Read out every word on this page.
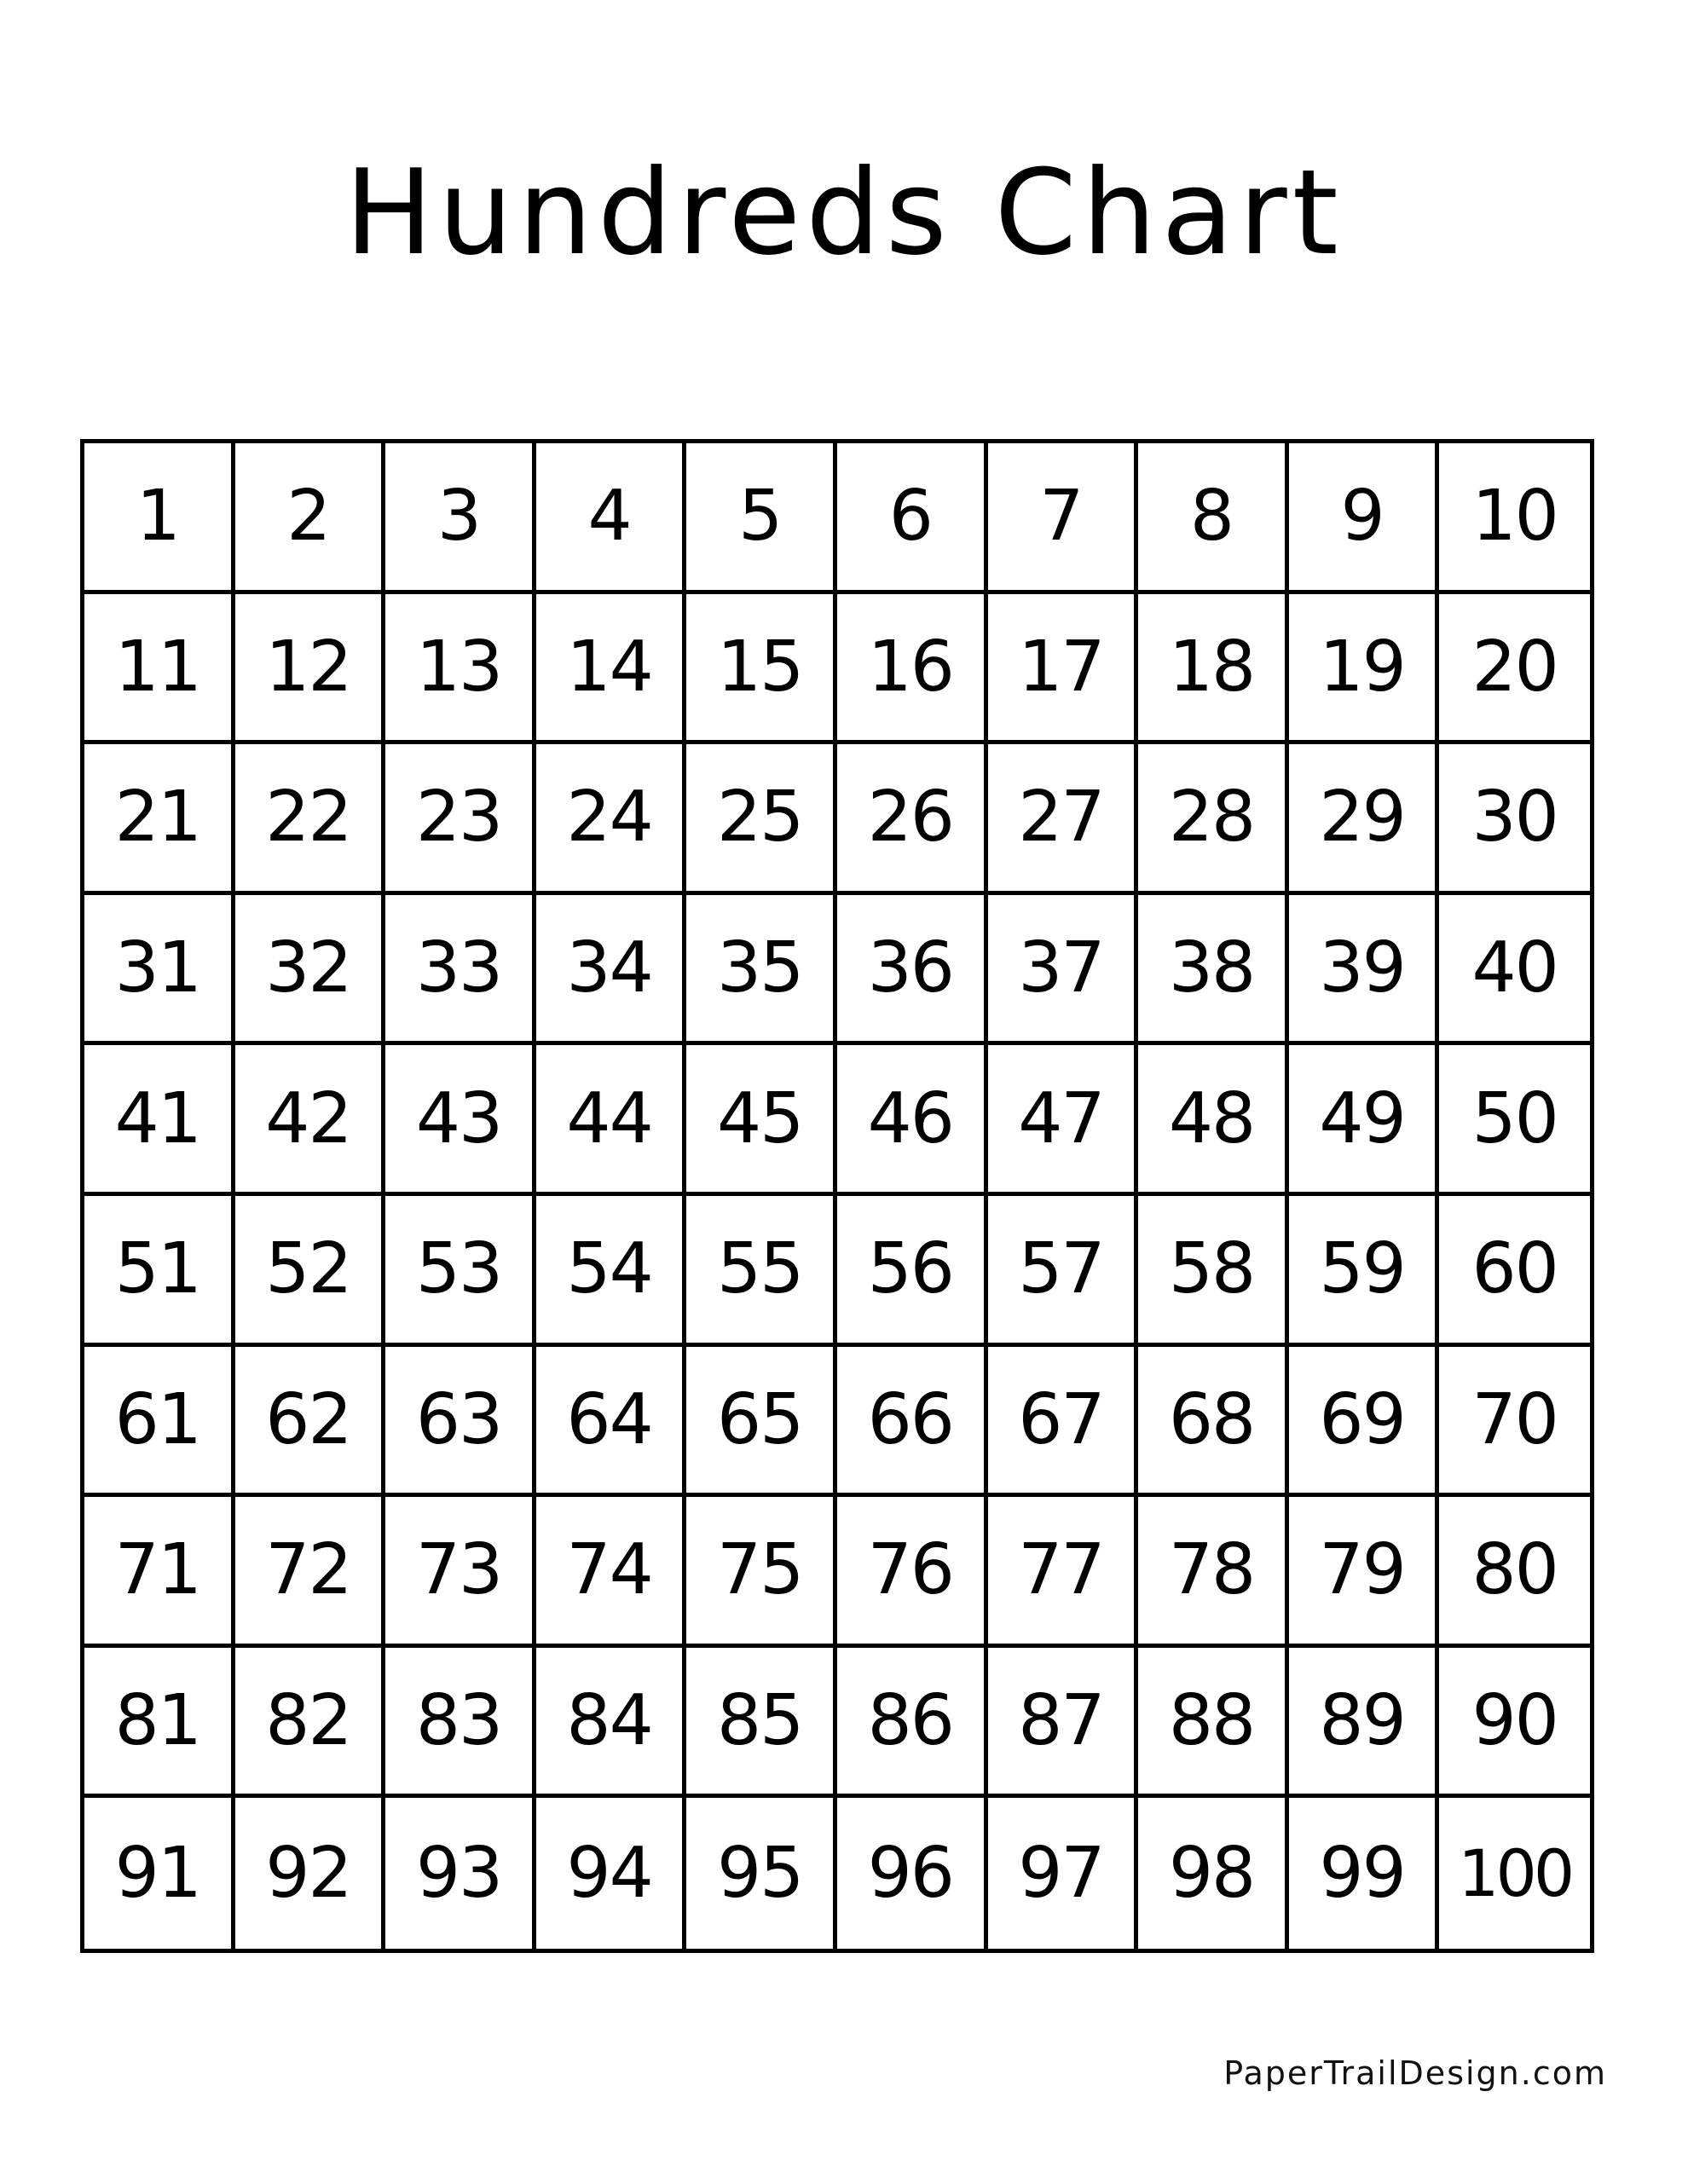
Hundreds Chart
1	2	3	4	5	6	7	8	9	10
11 12 13 14 15 16 17 18 19 20
21 22 23 24 25 26 27 28 29 30
31 32 33 34 35 36 37 38 39 40
41 42 43 44 45 46 47 48 49 50
51 52 53 54 55 56 57 58 59 60
61 62 63 64 65 66 67 68 69 70
71 72 73 74 75 76 77 78 79 80
81 82 83 84 85 86 87 88 89 90
91 92 93 94 95 96 97 98 99 100
PaperTrailDesign.com
